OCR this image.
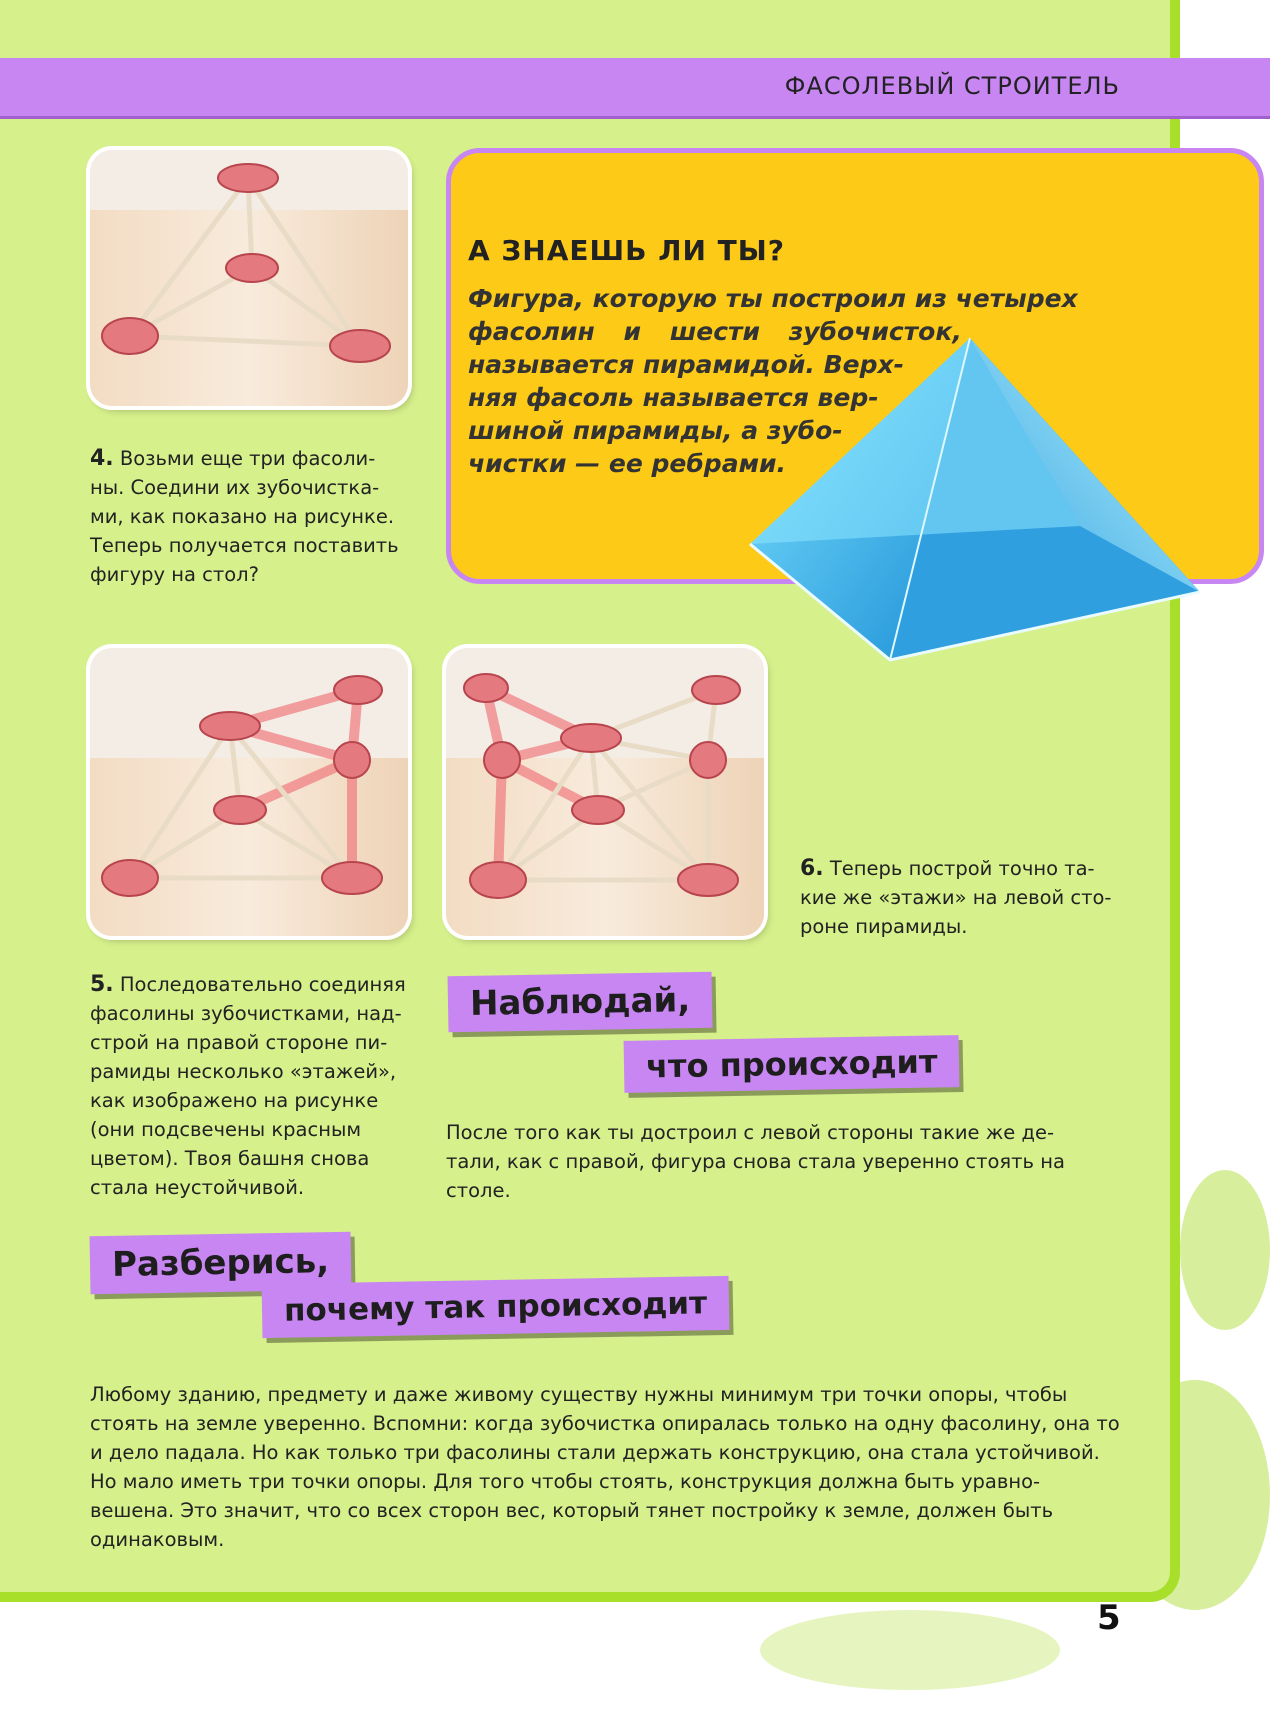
ФАСОЛЕВЫЙ СТРОИТЕЛЬ
4. Возьми еще три фасоли-
ны. Соедини их зубочистка-
ми, как показано на рисунке.
Теперь получается поставить
фигуру на стол?
А ЗНАЕШЬ ЛИ ТЫ?
Фигура, которую ты построил из четырех
фасолин и шести зубочисток,
называется пирамидой. Верх-
няя фасоль называется вер-
шиной пирамиды, а зубо-
чистки — ее ребрами.
6. Теперь построй точно та-
кие же «этажи» на левой сто-
роне пирамиды.
5. Последовательно соединяя
фасолины зубочистками, над-
строй на правой стороне пи-
рамиды несколько «этажей»,
как изображено на рисунке
(они подсвечены красным
цветом). Твоя башня снова
стала неустойчивой.
Наблюдай,
что происходит
После того как ты достроил с левой стороны такие же де-
тали, как с правой, фигура снова стала уверенно стоять на
столе.
Разберись,
почему так происходит
Любому зданию, предмету и даже живому существу нужны минимум три точки опоры, чтобы
стоять на земле уверенно. Вспомни: когда зубочистка опиралась только на одну фасолину, она то
и дело падала. Но как только три фасолины стали держать конструкцию, она стала устойчивой.
Но мало иметь три точки опоры. Для того чтобы стоять, конструкция должна быть уравно-
вешена. Это значит, что со всех сторон вес, который тянет постройку к земле, должен быть
одинаковым.
5
